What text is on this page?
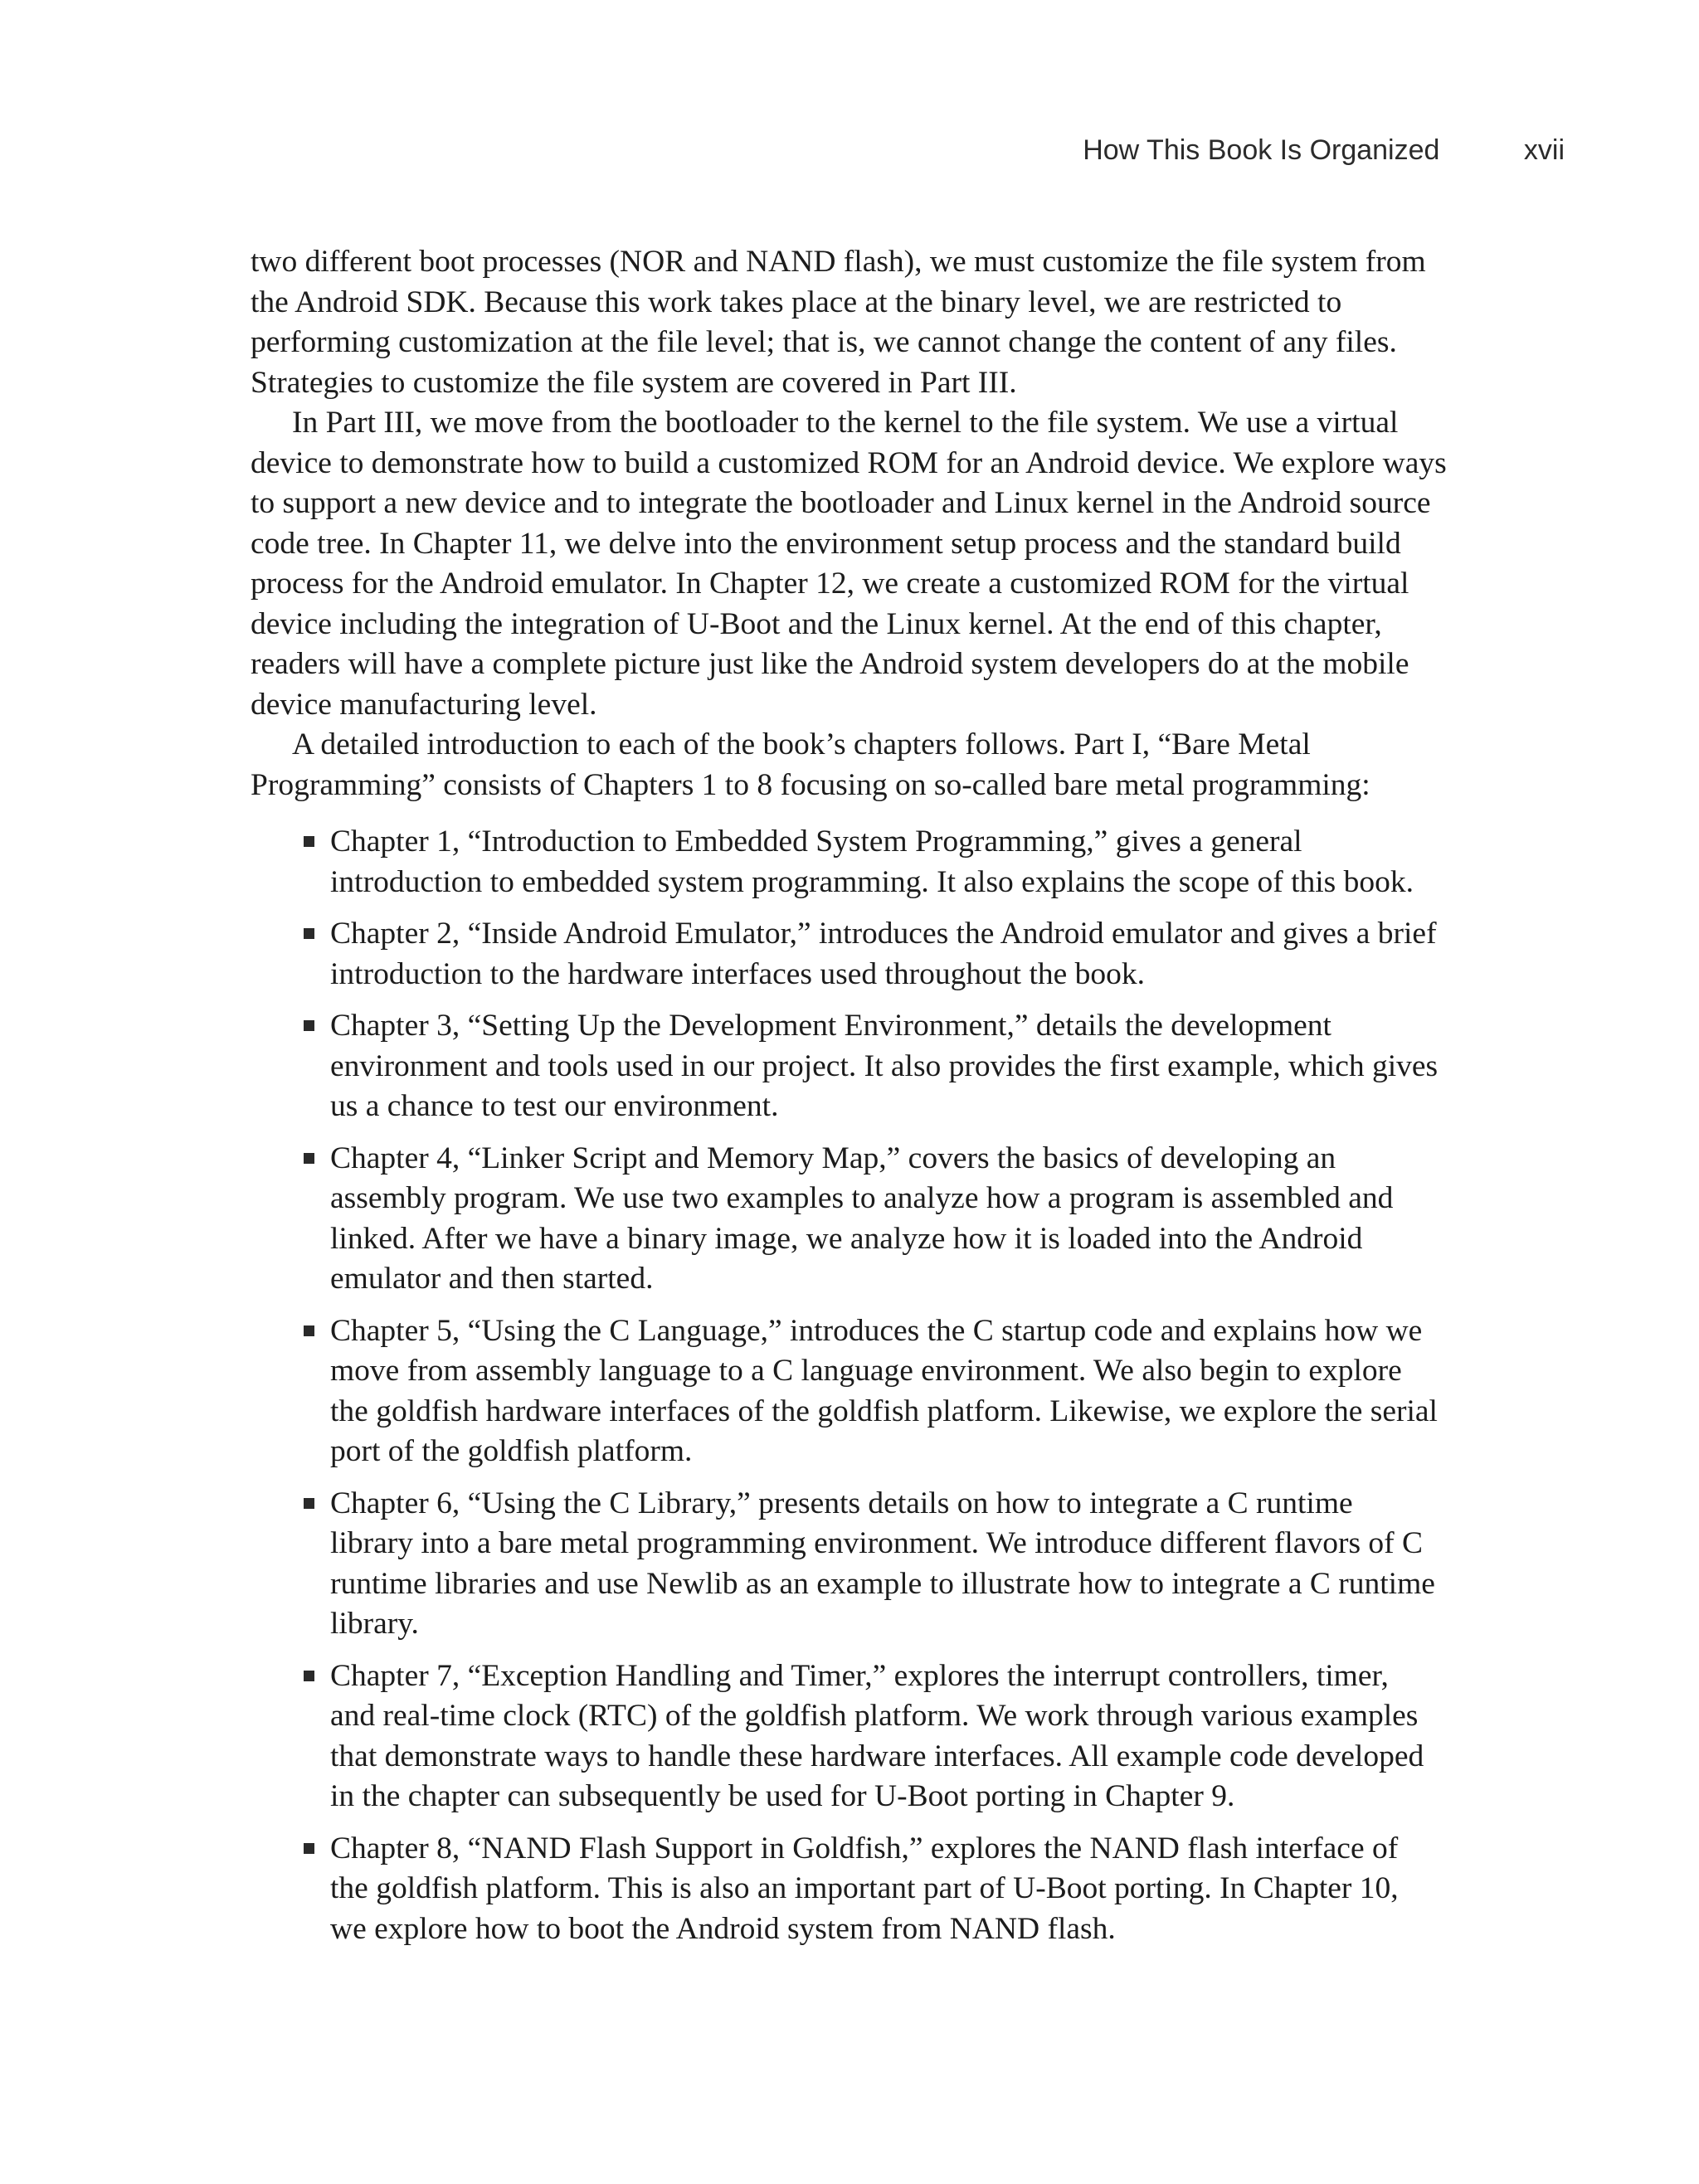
How This Book Is Organized	xvii

two different boot processes (NOR and NAND flash), we must customize the file system from the Android SDK. Because this work takes place at the binary level, we are restricted to performing customization at the file level; that is, we cannot change the content of any files. Strategies to customize the file system are covered in Part III.

In Part III, we move from the bootloader to the kernel to the file system. We use a virtual device to demonstrate how to build a customized ROM for an Android device. We explore ways to support a new device and to integrate the bootloader and Linux kernel in the Android source code tree. In Chapter 11, we delve into the environment setup process and the standard build process for the Android emulator. In Chapter 12, we create a customized ROM for the virtual device including the integration of U-Boot and the Linux kernel. At the end of this chapter, readers will have a complete picture just like the Android system developers do at the mobile device manufacturing level.

A detailed introduction to each of the book’s chapters follows. Part I, “Bare Metal Programming” consists of Chapters 1 to 8 focusing on so-called bare metal programming:

Chapter 1, “Introduction to Embedded System Programming,” gives a general introduction to embedded system programming. It also explains the scope of this book.
Chapter 2, “Inside Android Emulator,” introduces the Android emulator and gives a brief introduction to the hardware interfaces used throughout the book.
Chapter 3, “Setting Up the Development Environment,” details the development environment and tools used in our project. It also provides the first example, which gives us a chance to test our environment.
Chapter 4, “Linker Script and Memory Map,” covers the basics of developing an assembly program. We use two examples to analyze how a program is assembled and linked. After we have a binary image, we analyze how it is loaded into the Android emulator and then started.
Chapter 5, “Using the C Language,” introduces the C startup code and explains how we move from assembly language to a C language environment. We also begin to explore the goldfish hardware interfaces of the goldfish platform. Likewise, we explore the serial port of the goldfish platform.
Chapter 6, “Using the C Library,” presents details on how to integrate a C runtime library into a bare metal programming environment. We introduce different flavors of C runtime libraries and use Newlib as an example to illustrate how to integrate a C runtime library.
Chapter 7, “Exception Handling and Timer,” explores the interrupt controllers, timer, and real-time clock (RTC) of the goldfish platform. We work through various examples that demonstrate ways to handle these hardware interfaces. All example code developed in the chapter can subsequently be used for U-Boot porting in Chapter 9.
Chapter 8, “NAND Flash Support in Goldfish,” explores the NAND flash interface of the goldfish platform. This is also an important part of U-Boot porting. In Chapter 10, we explore how to boot the Android system from NAND flash.
